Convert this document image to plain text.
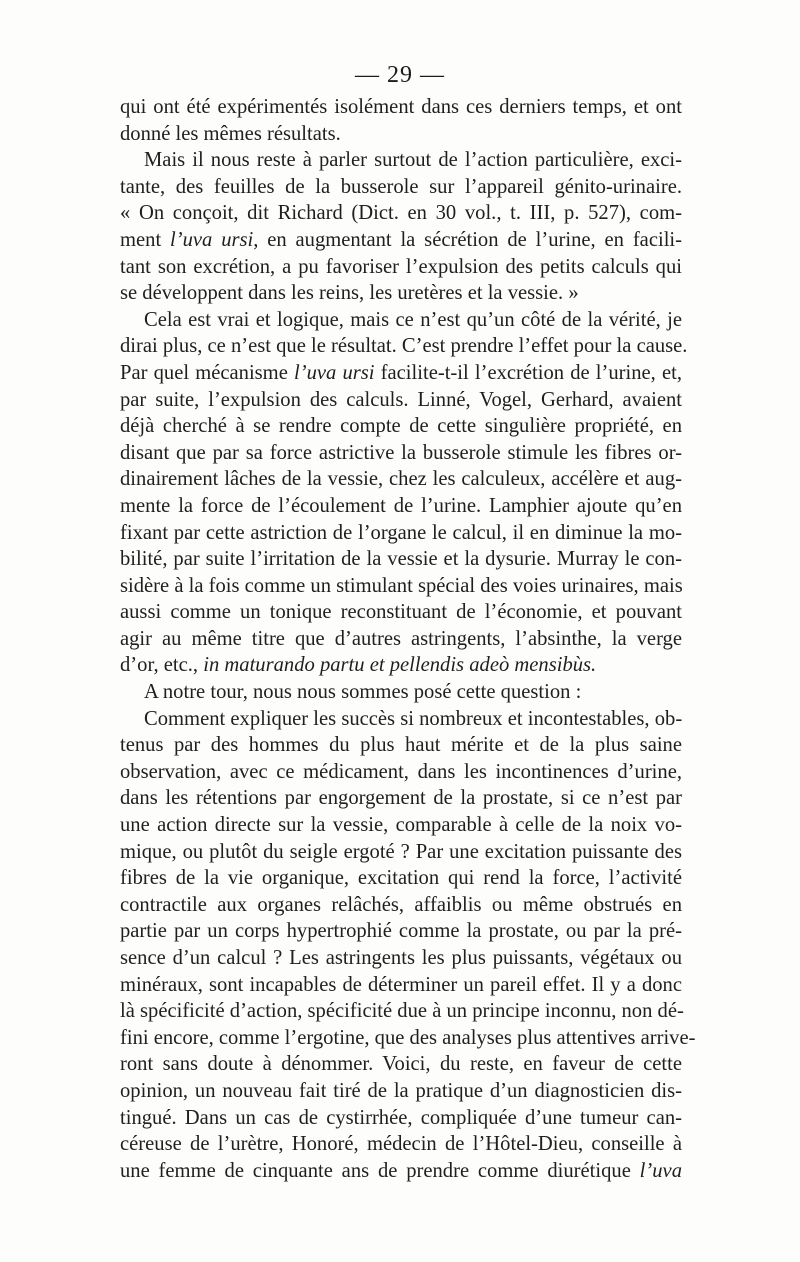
— 29 —
qui ont été expérimentés isolément dans ces derniers temps, et ont
donné les mêmes résultats.
Mais il nous reste à parler surtout de l’action particulière, exci-
tante, des feuilles de la busserole sur l’appareil génito-urinaire.
« On conçoit, dit Richard (Dict. en 30 vol., t. III, p. 527), com-
ment l’uva ursi, en augmentant la sécrétion de l’urine, en facili-
tant son excrétion, a pu favoriser l’expulsion des petits calculs qui
se développent dans les reins, les uretères et la vessie. »
Cela est vrai et logique, mais ce n’est qu’un côté de la vérité, je
dirai plus, ce n’est que le résultat. C’est prendre l’effet pour la cause.
Par quel mécanisme l’uva ursi facilite-t-il l’excrétion de l’urine, et,
par suite, l’expulsion des calculs. Linné, Vogel, Gerhard, avaient
déjà cherché à se rendre compte de cette singulière propriété, en
disant que par sa force astrictive la busserole stimule les fibres or-
dinairement lâches de la vessie, chez les calculeux, accélère et aug-
mente la force de l’écoulement de l’urine. Lamphier ajoute qu’en
fixant par cette astriction de l’organe le calcul, il en diminue la mo-
bilité, par suite l’irritation de la vessie et la dysurie. Murray le con-
sidère à la fois comme un stimulant spécial des voies urinaires, mais
aussi comme un tonique reconstituant de l’économie, et pouvant
agir au même titre que d’autres astringents, l’absinthe, la verge
d’or, etc., in maturando partu et pellendis adeò mensibùs.
A notre tour, nous nous sommes posé cette question :
Comment expliquer les succès si nombreux et incontestables, ob-
tenus par des hommes du plus haut mérite et de la plus saine
observation, avec ce médicament, dans les incontinences d’urine,
dans les rétentions par engorgement de la prostate, si ce n’est par
une action directe sur la vessie, comparable à celle de la noix vo-
mique, ou plutôt du seigle ergoté ? Par une excitation puissante des
fibres de la vie organique, excitation qui rend la force, l’activité
contractile aux organes relâchés, affaiblis ou même obstrués en
partie par un corps hypertrophié comme la prostate, ou par la pré-
sence d’un calcul ? Les astringents les plus puissants, végétaux ou
minéraux, sont incapables de déterminer un pareil effet. Il y a donc
là spécificité d’action, spécificité due à un principe inconnu, non dé-
fini encore, comme l’ergotine, que des analyses plus attentives arrive-
ront sans doute à dénommer. Voici, du reste, en faveur de cette
opinion, un nouveau fait tiré de la pratique d’un diagnosticien dis-
tingué. Dans un cas de cystirrhée, compliquée d’une tumeur can-
céreuse de l’urètre, Honoré, médecin de l’Hôtel-Dieu, conseille à
une femme de cinquante ans de prendre comme diurétique l’uva
